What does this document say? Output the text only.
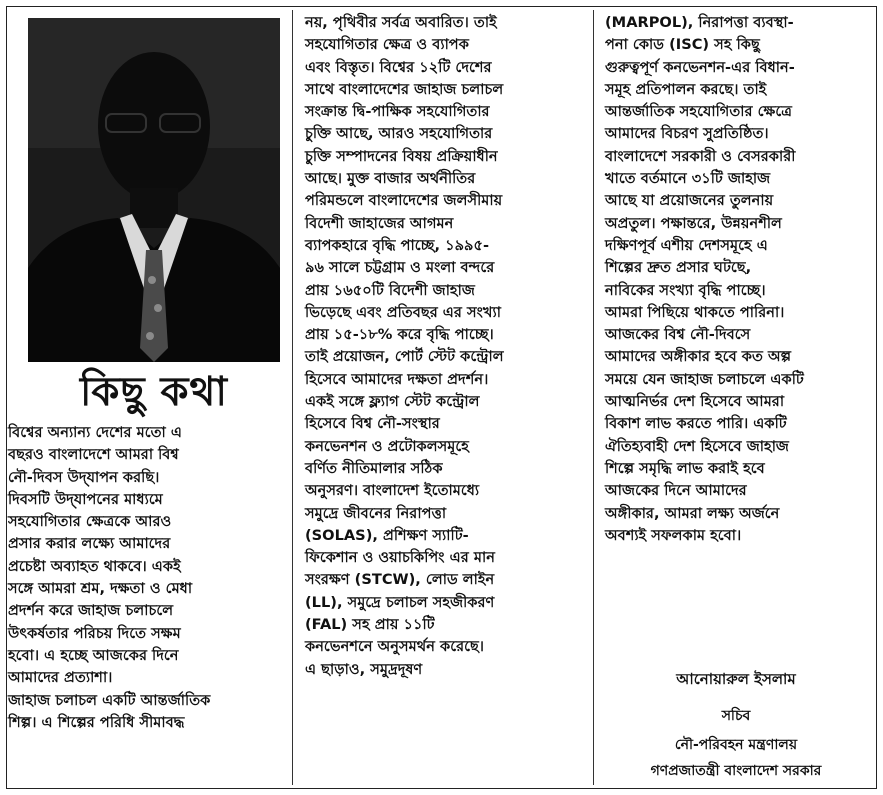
কিছু কথা

বিশ্বের অন্যান্য দেশের মতো এ
বছরও বাংলাদেশে আমরা বিশ্ব
নৌ-দিবস উদ্‌যাপন করছি।
দিবসটি উদ্‌যাপনের মাধ্যমে
সহযোগিতার ক্ষেত্রকে আরও
প্রসার করার লক্ষ্যে আমাদের
প্রচেষ্টা অব্যাহত থাকবে। একই
সঙ্গে আমরা শ্রম, দক্ষতা ও মেধা
প্রদর্শন করে জাহাজ চলাচলে
উৎকর্ষতার পরিচয় দিতে সক্ষম
হবো। এ হচ্ছে আজকের দিনে
আমাদের প্রত্যাশা।
জাহাজ চলাচল একটি আন্তর্জাতিক
শিল্প। এ শিল্পের পরিধি সীমাবদ্ধ

নয়, পৃথিবীর সর্বত্র অবারিত। তাই
সহযোগিতার ক্ষেত্র ও ব্যাপক
এবং বিস্তৃত। বিশ্বের ১২টি দেশের
সাথে বাংলাদেশের জাহাজ চলাচল
সংক্রান্ত দ্বি-পাক্ষিক সহযোগিতার
চুক্তি আছে, আরও সহযোগিতার
চুক্তি সম্পাদনের বিষয় প্রক্রিয়াধীন
আছে। মুক্ত বাজার অর্থনীতির
পরিমন্ডলে বাংলাদেশের জলসীমায়
বিদেশী জাহাজের আগমন
ব্যাপকহারে বৃদ্ধি পাচ্ছে, ১৯৯৫-
৯৬ সালে চট্টগ্রাম ও মংলা বন্দরে
প্রায় ১৬৫০টি বিদেশী জাহাজ
ভিড়েছে এবং প্রতিবছর এর সংখ্যা
প্রায় ১৫-১৮% করে বৃদ্ধি পাচ্ছে।
তাই প্রয়োজন, পোর্ট স্টেট কন্ট্রোল
হিসেবে আমাদের দক্ষতা প্রদর্শন।
একই সঙ্গে ফ্ল্যাগ স্টেট কন্ট্রোল
হিসেবে বিশ্ব নৌ-সংস্থার
কনভেনশন ও প্রটোকলসমূহে
বর্ণিত নীতিমালার সঠিক
অনুসরণ। বাংলাদেশ ইতোমধ্যে
সমুদ্রে জীবনের নিরাপত্তা
(SOLAS), প্রশিক্ষণ স্যাটি-
ফিকেশান ও ওয়াচকিপিং এর মান
সংরক্ষণ (STCW), লোড লাইন
(LL), সমুদ্রে চলাচল সহজীকরণ
(FAL) সহ প্রায় ১১টি
কনভেনশনে অনুসমর্থন করেছে।
এ ছাড়াও, সমুদ্রদূষণ

(MARPOL), নিরাপত্তা ব্যবস্থা-
পনা কোড (ISC) সহ কিছু
গুরুত্বপূর্ণ কনভেনশন-এর বিধান-
সমূহ প্রতিপালন করছে। তাই
আন্তর্জাতিক সহযোগিতার ক্ষেত্রে
আমাদের বিচরণ সুপ্রতিষ্ঠিত।
বাংলাদেশে সরকারী ও বেসরকারী
খাতে বর্তমানে ৩১টি জাহাজ
আছে যা প্রয়োজনের তুলনায়
অপ্রতুল। পক্ষান্তরে, উন্নয়নশীল
দক্ষিণপূর্ব এশীয় দেশসমূহে এ
শিল্পের দ্রুত প্রসার ঘটছে,
নাবিকের সংখ্যা বৃদ্ধি পাচ্ছে।
আমরা পিছিয়ে থাকতে পারিনা।
আজকের বিশ্ব নৌ-দিবসে
আমাদের অঙ্গীকার হবে কত অল্প
সময়ে যেন জাহাজ চলাচলে একটি
আত্মনির্ভর দেশ হিসেবে আমরা
বিকাশ লাভ করতে পারি। একটি
ঐতিহ্যবাহী দেশ হিসেবে জাহাজ
শিল্পে সমৃদ্ধি লাভ করাই হবে
আজকের দিনে আমাদের
অঙ্গীকার, আমরা লক্ষ্য অর্জনে
অবশ্যই সফলকাম হবো।

আনোয়ারুল ইসলাম
সচিব
নৌ-পরিবহন মন্ত্রণালয়
গণপ্রজাতন্ত্রী বাংলাদেশ সরকার
